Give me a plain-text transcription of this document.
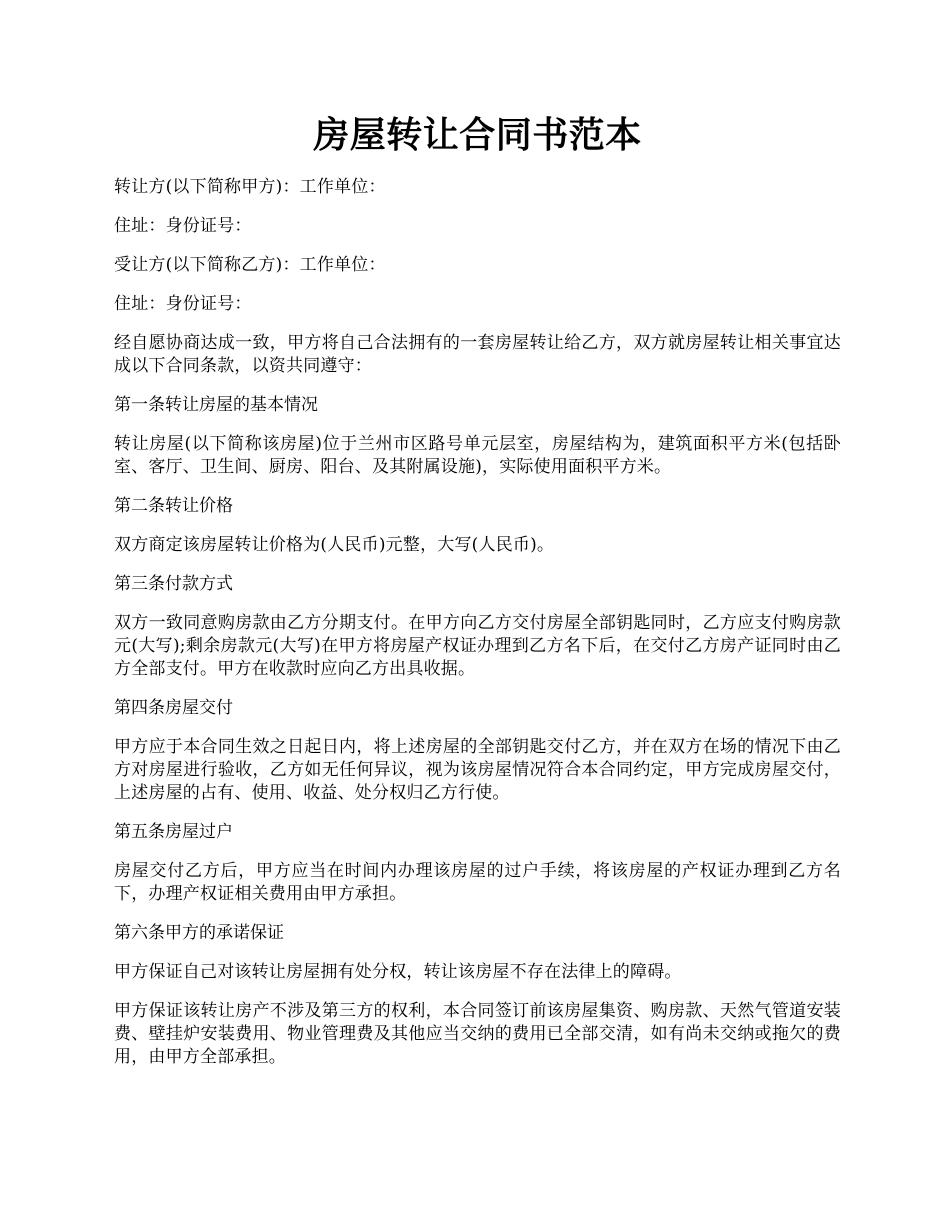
房屋转让合同书范本

转让方(以下简称甲方)：工作单位：

住址：身份证号：

受让方(以下简称乙方)：工作单位：

住址：身份证号：

经自愿协商达成一致，甲方将自己合法拥有的一套房屋转让给乙方，双方就房屋转让相关事宜达成以下合同条款，以资共同遵守：

第一条转让房屋的基本情况

转让房屋(以下简称该房屋)位于兰州市区路号单元层室，房屋结构为，建筑面积平方米(包括卧室、客厅、卫生间、厨房、阳台、及其附属设施)，实际使用面积平方米。

第二条转让价格

双方商定该房屋转让价格为(人民币)元整，大写(人民币)。

第三条付款方式

双方一致同意购房款由乙方分期支付。在甲方向乙方交付房屋全部钥匙同时，乙方应支付购房款元(大写);剩余房款元(大写)在甲方将房屋产权证办理到乙方名下后，在交付乙方房产证同时由乙方全部支付。甲方在收款时应向乙方出具收据。

第四条房屋交付

甲方应于本合同生效之日起日内，将上述房屋的全部钥匙交付乙方，并在双方在场的情况下由乙方对房屋进行验收，乙方如无任何异议，视为该房屋情况符合本合同约定，甲方完成房屋交付，上述房屋的占有、使用、收益、处分权归乙方行使。

第五条房屋过户

房屋交付乙方后，甲方应当在时间内办理该房屋的过户手续，将该房屋的产权证办理到乙方名下，办理产权证相关费用由甲方承担。

第六条甲方的承诺保证

甲方保证自己对该转让房屋拥有处分权，转让该房屋不存在法律上的障碍。

甲方保证该转让房产不涉及第三方的权利，本合同签订前该房屋集资、购房款、天然气管道安装费、壁挂炉安装费用、物业管理费及其他应当交纳的费用已全部交清，如有尚未交纳或拖欠的费用，由甲方全部承担。
